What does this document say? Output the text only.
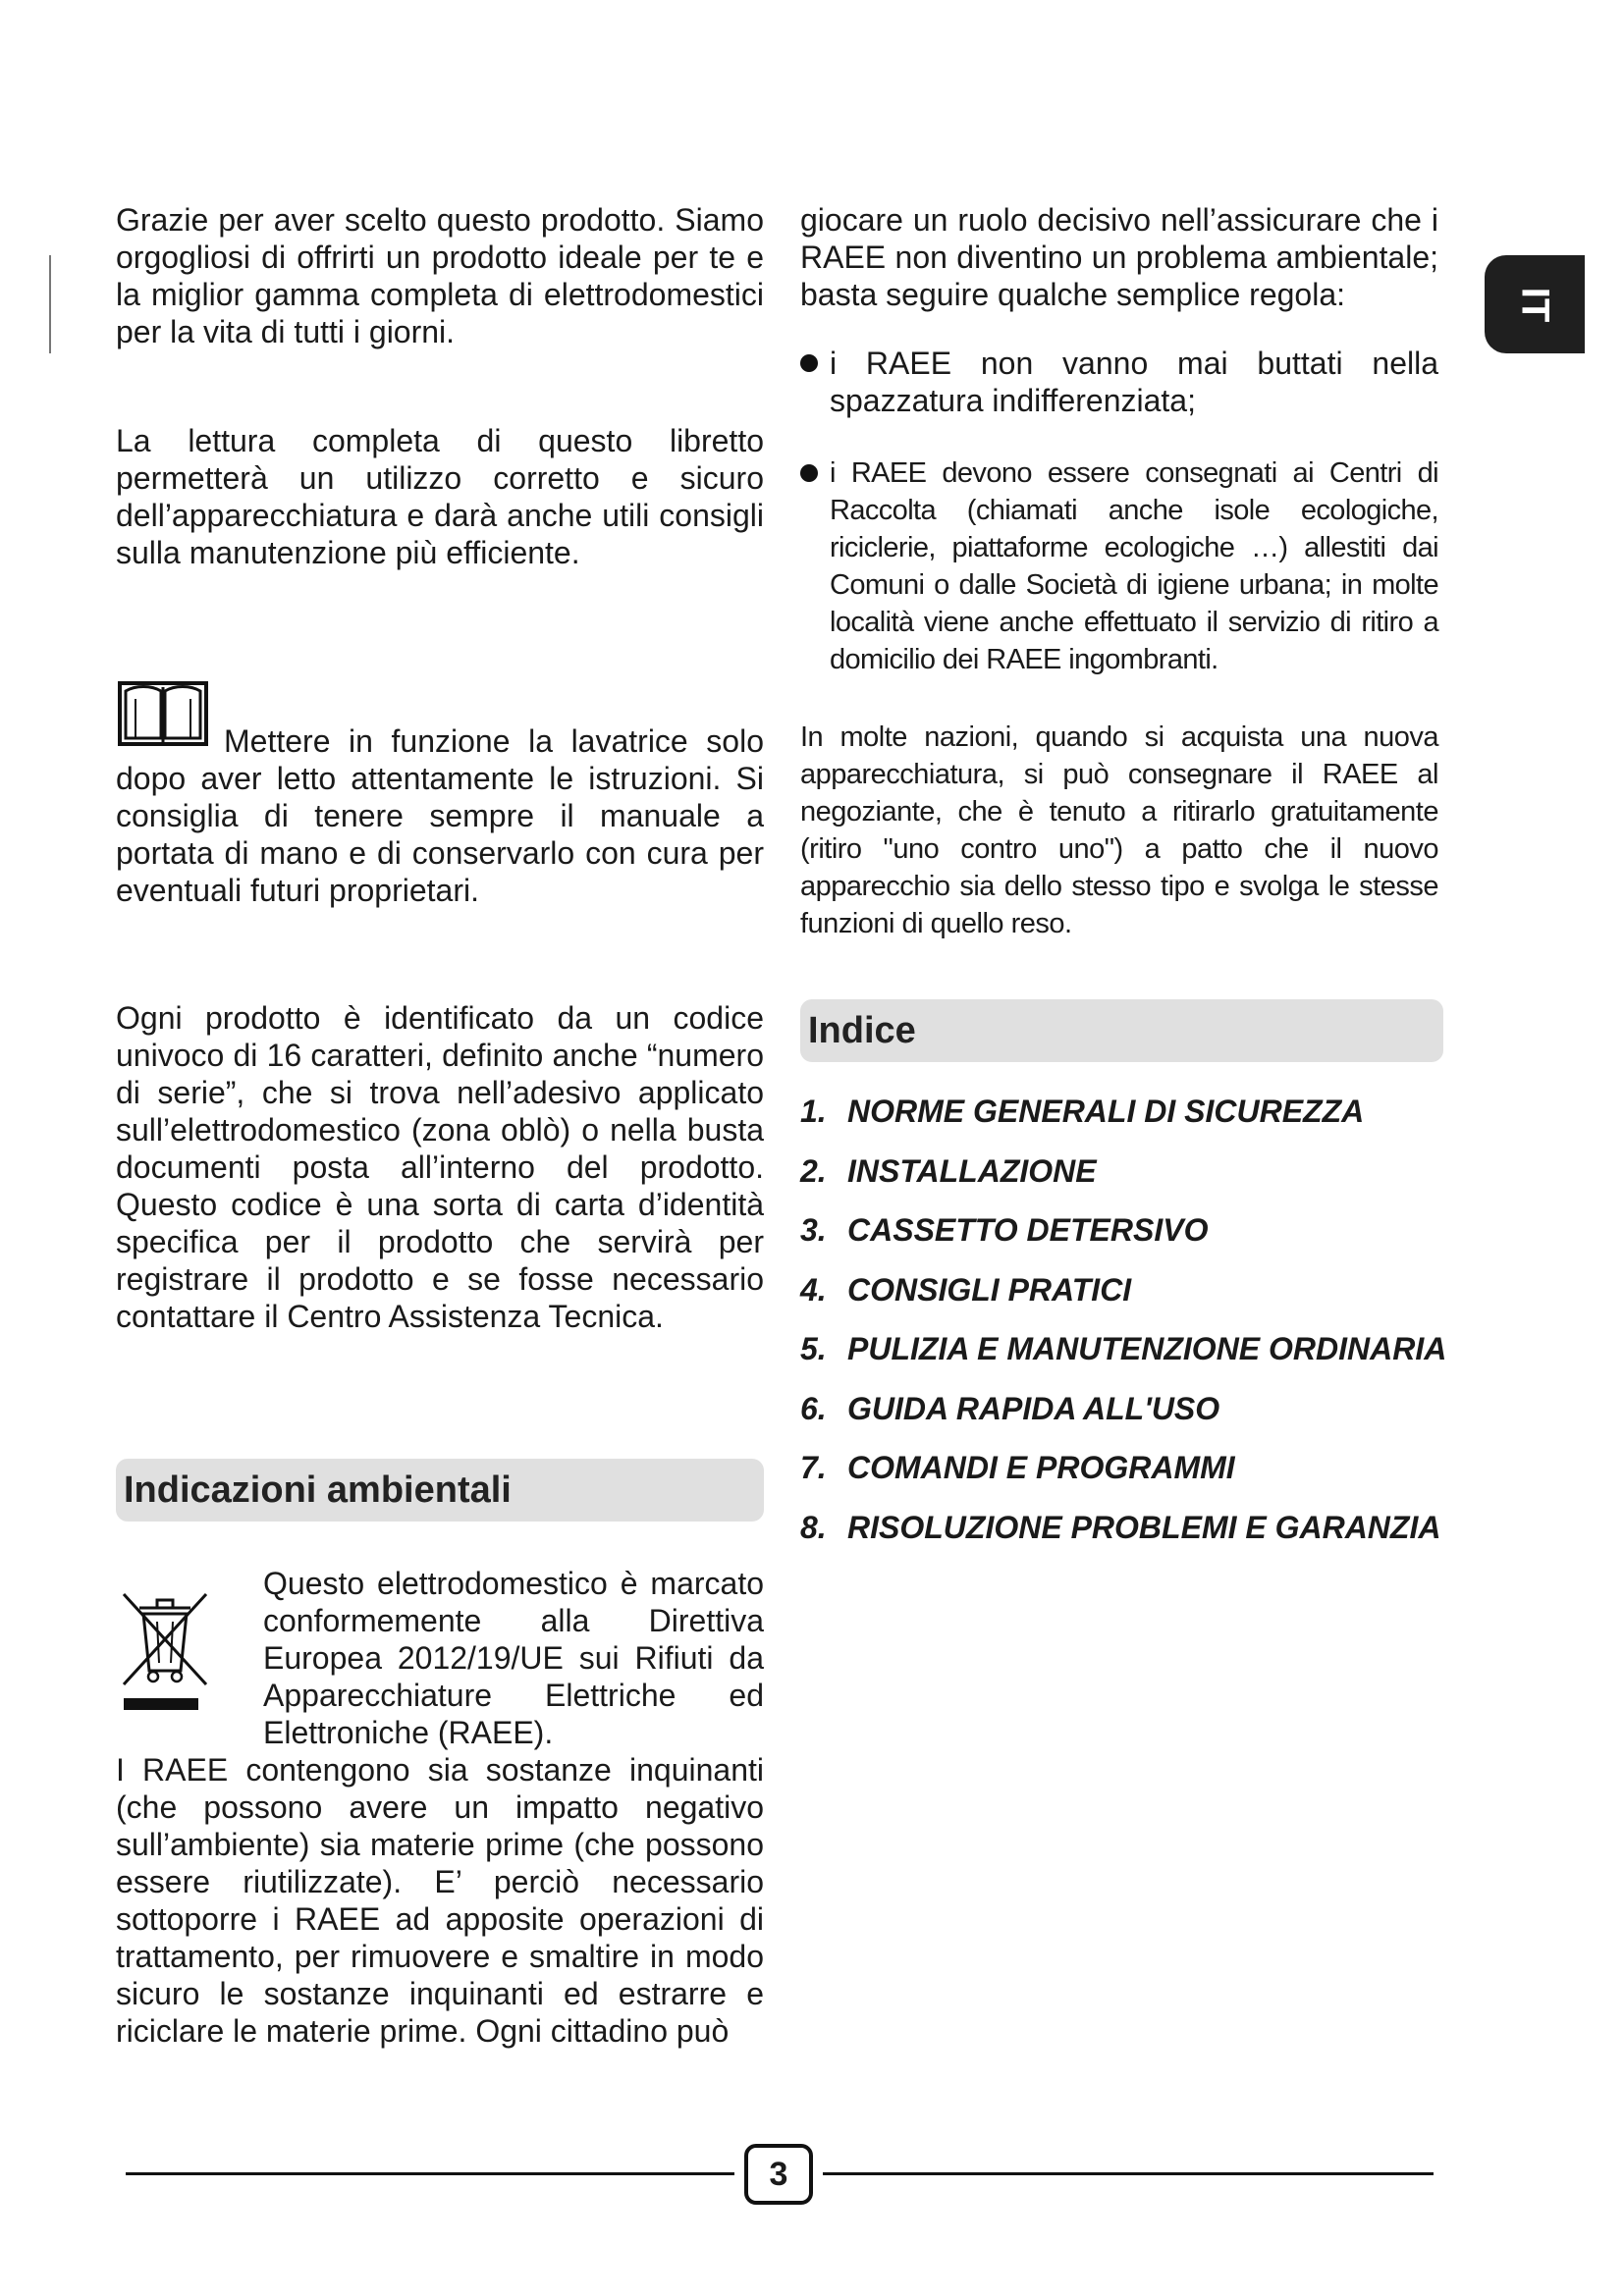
IT

Grazie per aver scelto questo prodotto. Siamo orgogliosi di offrirti un prodotto ideale per te e la miglior gamma completa di elettrodomestici per la vita di tutti i giorni.

La lettura completa di questo libretto permetterà un utilizzo corretto e sicuro dell’apparecchiatura e darà anche utili consigli sulla manutenzione più efficiente.

Mettere in funzione la lavatrice solo dopo aver letto attentamente le istruzioni. Si consiglia di tenere sempre il manuale a portata di mano e di conservarlo con cura per eventuali futuri proprietari.

Ogni prodotto è identificato da un codice univoco di 16 caratteri, definito anche “numero di serie”, che si trova nell’adesivo applicato sull’elettrodomestico (zona oblò) o nella busta documenti posta all’interno del prodotto. Questo codice è una sorta di carta d’identità specifica per il prodotto che servirà per registrare il prodotto e se fosse necessario contattare il Centro Assistenza Tecnica.

Indicazioni ambientali

Questo elettrodomestico è marcato conformemente alla Direttiva Europea 2012/19/UE sui Rifiuti da Apparecchiature Elettriche ed Elettroniche (RAEE).

I RAEE contengono sia sostanze inquinanti (che possono avere un impatto negativo sull’ambiente) sia materie prime (che possono essere riutilizzate). E’ perciò necessario sottoporre i RAEE ad apposite operazioni di trattamento, per rimuovere e smaltire in modo sicuro le sostanze inquinanti ed estrarre e riciclare le materie prime. Ogni cittadino può

giocare un ruolo decisivo nell’assicurare che i RAEE non diventino un problema ambientale; basta seguire qualche semplice regola:

i RAEE non vanno mai buttati nella spazzatura indifferenziata;

i RAEE devono essere consegnati ai Centri di Raccolta (chiamati anche isole ecologiche, riciclerie, piattaforme ecologiche …) allestiti dai Comuni o dalle Società di igiene urbana; in molte località viene anche effettuato il servizio di ritiro a domicilio dei RAEE ingombranti.

In molte nazioni, quando si acquista una nuova apparecchiatura, si può consegnare il RAEE al negoziante, che è tenuto a ritirarlo gratuitamente (ritiro "uno contro uno") a patto che il nuovo apparecchio sia dello stesso tipo e svolga le stesse funzioni di quello reso.

Indice
1. NORME GENERALI DI SICUREZZA
2. INSTALLAZIONE
3. CASSETTO DETERSIVO
4. CONSIGLI PRATICI
5. PULIZIA E MANUTENZIONE ORDINARIA
6. GUIDA RAPIDA ALL'USO
7. COMANDI E PROGRAMMI
8. RISOLUZIONE PROBLEMI E GARANZIA
3
